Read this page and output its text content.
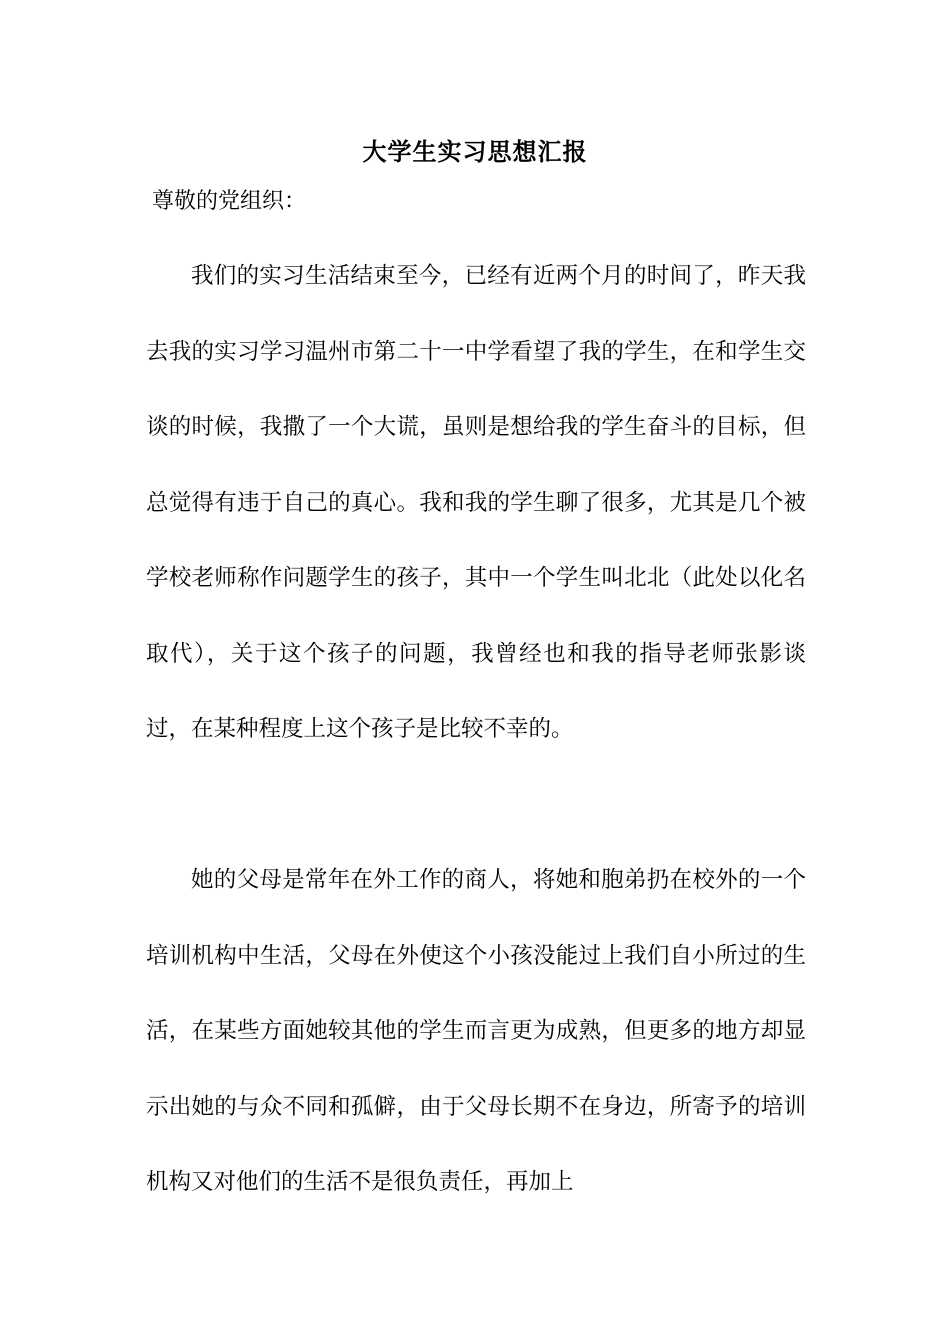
大学生实习思想汇报
尊敬的党组织：

我们的实习生活结束至今，已经有近两个月的时间了，昨天我去我的实习学习温州市第二十一中学看望了我的学生，在和学生交谈的时候，我撒了一个大谎，虽则是想给我的学生奋斗的目标，但总觉得有违于自己的真心。我和我的学生聊了很多，尤其是几个被学校老师称作问题学生的孩子，其中一个学生叫北北（此处以化名取代），关于这个孩子的问题，我曾经也和我的指导老师张影谈过，在某种程度上这个孩子是比较不幸的。

她的父母是常年在外工作的商人，将她和胞弟扔在校外的一个培训机构中生活，父母在外使这个小孩没能过上我们自小所过的生活，在某些方面她较其他的学生而言更为成熟，但更多的地方却显示出她的与众不同和孤僻，由于父母长期不在身边，所寄予的培训机构又对他们的生活不是很负责任，再加上
